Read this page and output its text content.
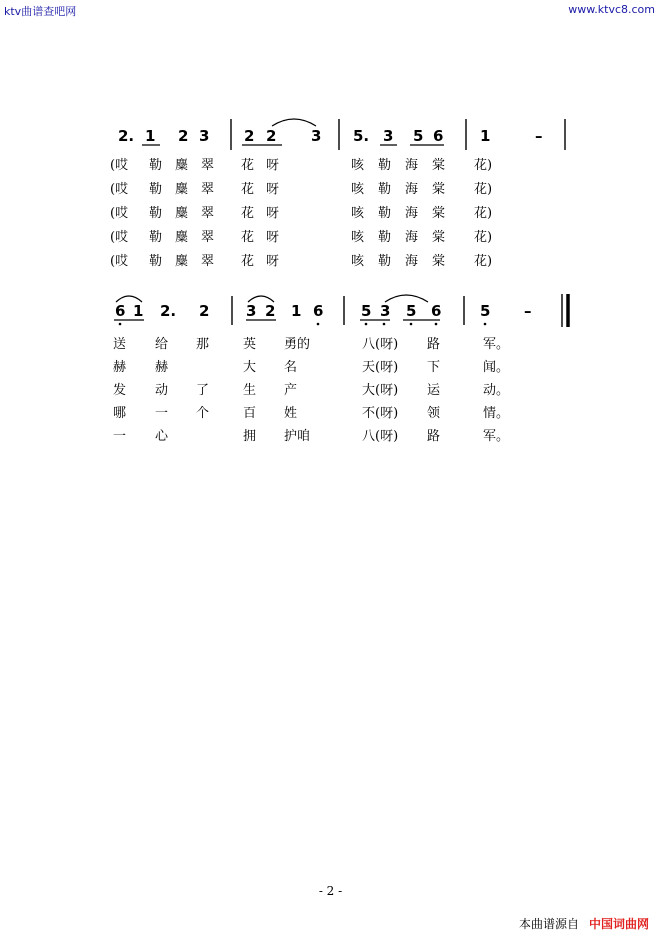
ktv曲谱查吧网	www.ktvc8.com
2. 1 2 3 2 2 3 5. 3 5 6 1	–
(哎 勒 麋 翠 花 呀	咳 勒 海 棠 花)
(哎 勒 麋 翠 花 呀	咳 勒 海 棠 花)
(哎 勒 麋 翠 花 呀	咳 勒 海 棠 花)
(哎 勒 麋 翠 花 呀	咳 勒 海 棠 花)
(哎 勒 麋 翠 花 呀	咳 勒 海 棠 花)
6 1 2. 2 3 2 1 6	5 3 5 6	5 –
送 给 那	英 勇的	八(呀) 路	军。
赫 赫	大 名	天(呀) 下	闻。
发 动 了	生 产	大(呀) 运	动。
哪 一 个	百 姓	不(呀) 领	情。
一 心	拥 护咱	八(呀) 路	军。
- 2 -
本曲谱源自 中国词曲网
